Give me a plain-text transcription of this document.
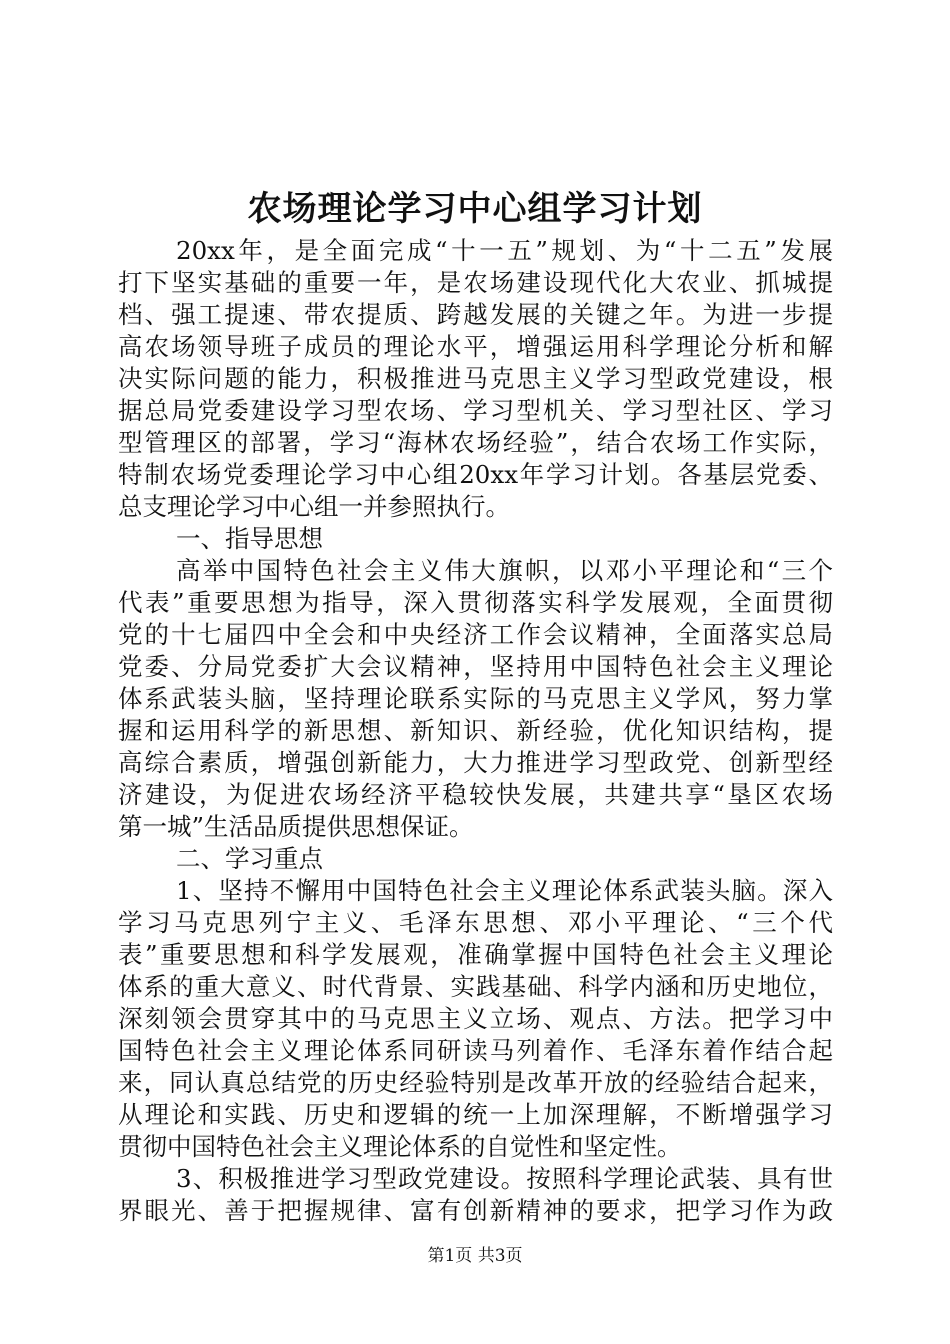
农场理论学习中心组学习计划
20xx年，是全面完成“十一五”规划、为“十二五”发展
打下坚实基础的重要一年，是农场建设现代化大农业、抓城提
档、强工提速、带农提质、跨越发展的关键之年。为进一步提
高农场领导班子成员的理论水平，增强运用科学理论分析和解
决实际问题的能力，积极推进马克思主义学习型政党建设，根
据总局党委建设学习型农场、学习型机关、学习型社区、学习
型管理区的部署，学习“海林农场经验”，结合农场工作实际，
特制农场党委理论学习中心组20xx年学习计划。各基层党委、
总支理论学习中心组一并参照执行。
一、指导思想
高举中国特色社会主义伟大旗帜，以邓小平理论和“三个
代表”重要思想为指导，深入贯彻落实科学发展观，全面贯彻
党的十七届四中全会和中央经济工作会议精神，全面落实总局
党委、分局党委扩大会议精神，坚持用中国特色社会主义理论
体系武装头脑，坚持理论联系实际的马克思主义学风，努力掌
握和运用科学的新思想、新知识、新经验，优化知识结构，提
高综合素质，增强创新能力，大力推进学习型政党、创新型经
济建设，为促进农场经济平稳较快发展，共建共享“垦区农场
第一城”生活品质提供思想保证。
二、学习重点
1、坚持不懈用中国特色社会主义理论体系武装头脑。深入
学习马克思列宁主义、毛泽东思想、邓小平理论、“三个代
表”重要思想和科学发展观，准确掌握中国特色社会主义理论
体系的重大意义、时代背景、实践基础、科学内涵和历史地位，
深刻领会贯穿其中的马克思主义立场、观点、方法。把学习中
国特色社会主义理论体系同研读马列着作、毛泽东着作结合起
来，同认真总结党的历史经验特别是改革开放的经验结合起来，
从理论和实践、历史和逻辑的统一上加深理解，不断增强学习
贯彻中国特色社会主义理论体系的自觉性和坚定性。
3、积极推进学习型政党建设。按照科学理论武装、具有世
界眼光、善于把握规律、富有创新精神的要求，把学习作为政
第1页 共3页
